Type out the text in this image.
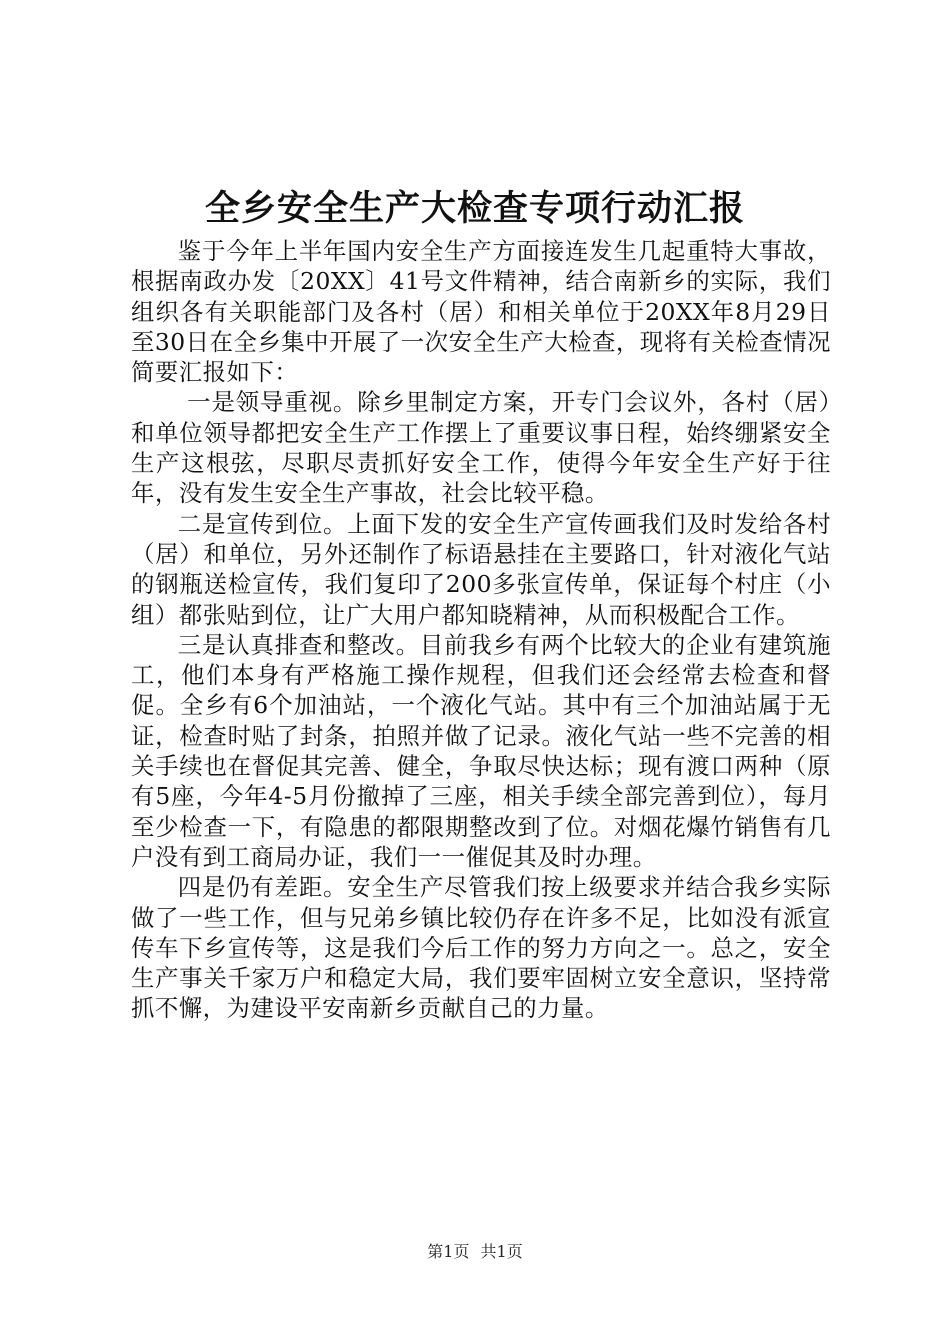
全乡安全生产大检查专项行动汇报

鉴于今年上半年国内安全生产方面接连发生几起重特大事故，根据南政办发〔20XX〕41号文件精神，结合南新乡的实际，我们组织各有关职能部门及各村（居）和相关单位于20XX年8月29日至30日在全乡集中开展了一次安全生产大检查，现将有关检查情况简要汇报如下：

一是领导重视。除乡里制定方案，开专门会议外，各村（居）和单位领导都把安全生产工作摆上了重要议事日程，始终绷紧安全生产这根弦，尽职尽责抓好安全工作，使得今年安全生产好于往年，没有发生安全生产事故，社会比较平稳。

二是宣传到位。上面下发的安全生产宣传画我们及时发给各村（居）和单位，另外还制作了标语悬挂在主要路口，针对液化气站的钢瓶送检宣传，我们复印了200多张宣传单，保证每个村庄（小组）都张贴到位，让广大用户都知晓精神，从而积极配合工作。

三是认真排查和整改。目前我乡有两个比较大的企业有建筑施工，他们本身有严格施工操作规程，但我们还会经常去检查和督促。全乡有6个加油站，一个液化气站。其中有三个加油站属于无证，检查时贴了封条，拍照并做了记录。液化气站一些不完善的相关手续也在督促其完善、健全，争取尽快达标；现有渡口两种（原有5座，今年4-5月份撤掉了三座，相关手续全部完善到位），每月至少检查一下，有隐患的都限期整改到了位。对烟花爆竹销售有几户没有到工商局办证，我们一一催促其及时办理。

四是仍有差距。安全生产尽管我们按上级要求并结合我乡实际做了一些工作，但与兄弟乡镇比较仍存在许多不足，比如没有派宣传车下乡宣传等，这是我们今后工作的努力方向之一。总之，安全生产事关千家万户和稳定大局，我们要牢固树立安全意识，坚持常抓不懈，为建设平安南新乡贡献自己的力量。

第1页 共1页
